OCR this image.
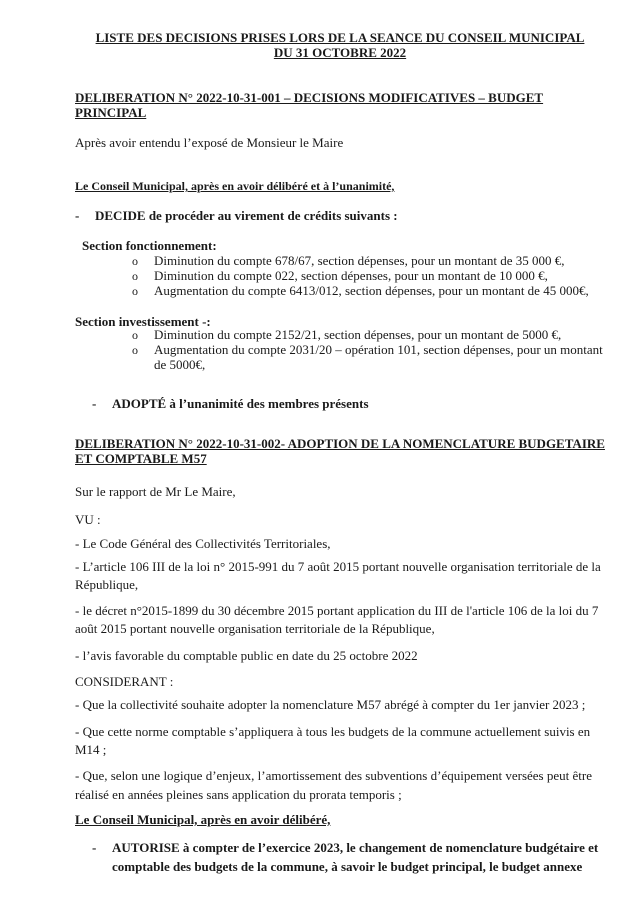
LISTE DES DECISIONS PRISES LORS DE LA SEANCE DU CONSEIL MUNICIPAL
DU 31 OCTOBRE 2022
DELIBERATION N° 2022-10-31-001 – DECISIONS MODIFICATIVES – BUDGET
PRINCIPAL
Après avoir entendu l’exposé de Monsieur le Maire
Le Conseil Municipal, après en avoir délibéré et à l’unanimité,
- DECIDE de procéder au virement de crédits suivants :
Section fonctionnement:
o Diminution du compte 678/67, section dépenses, pour un montant de 35 000 €,
o Diminution du compte 022, section dépenses, pour un montant de 10 000 €,
o Augmentation du compte 6413/012, section dépenses, pour un montant de 45 000€,
Section investissement -:
o Diminution du compte 2152/21, section dépenses, pour un montant de 5000 €,
o Augmentation du compte 2031/20 – opération 101, section dépenses, pour un montant
de 5000€,
- ADOPTÉ à l’unanimité des membres présents
DELIBERATION N° 2022-10-31-002- ADOPTION DE LA NOMENCLATURE BUDGETAIRE
ET COMPTABLE M57
Sur le rapport de Mr Le Maire,
VU :
- Le Code Général des Collectivités Territoriales,
- L’article 106 III de la loi n° 2015-991 du 7 août 2015 portant nouvelle organisation territoriale de la
République,
- le décret n°2015-1899 du 30 décembre 2015 portant application du III de l'article 106 de la loi du 7
août 2015 portant nouvelle organisation territoriale de la République,
- l’avis favorable du comptable public en date du 25 octobre 2022
CONSIDERANT :
- Que la collectivité souhaite adopter la nomenclature M57 abrégé à compter du 1er janvier 2023 ;
- Que cette norme comptable s’appliquera à tous les budgets de la commune actuellement suivis en
M14 ;
- Que, selon une logique d’enjeux, l’amortissement des subventions d’équipement versées peut être
réalisé en années pleines sans application du prorata temporis ;
Le Conseil Municipal, après en avoir délibéré,
- AUTORISE à compter de l’exercice 2023, le changement de nomenclature budgétaire et
comptable des budgets de la commune, à savoir le budget principal, le budget annexe
